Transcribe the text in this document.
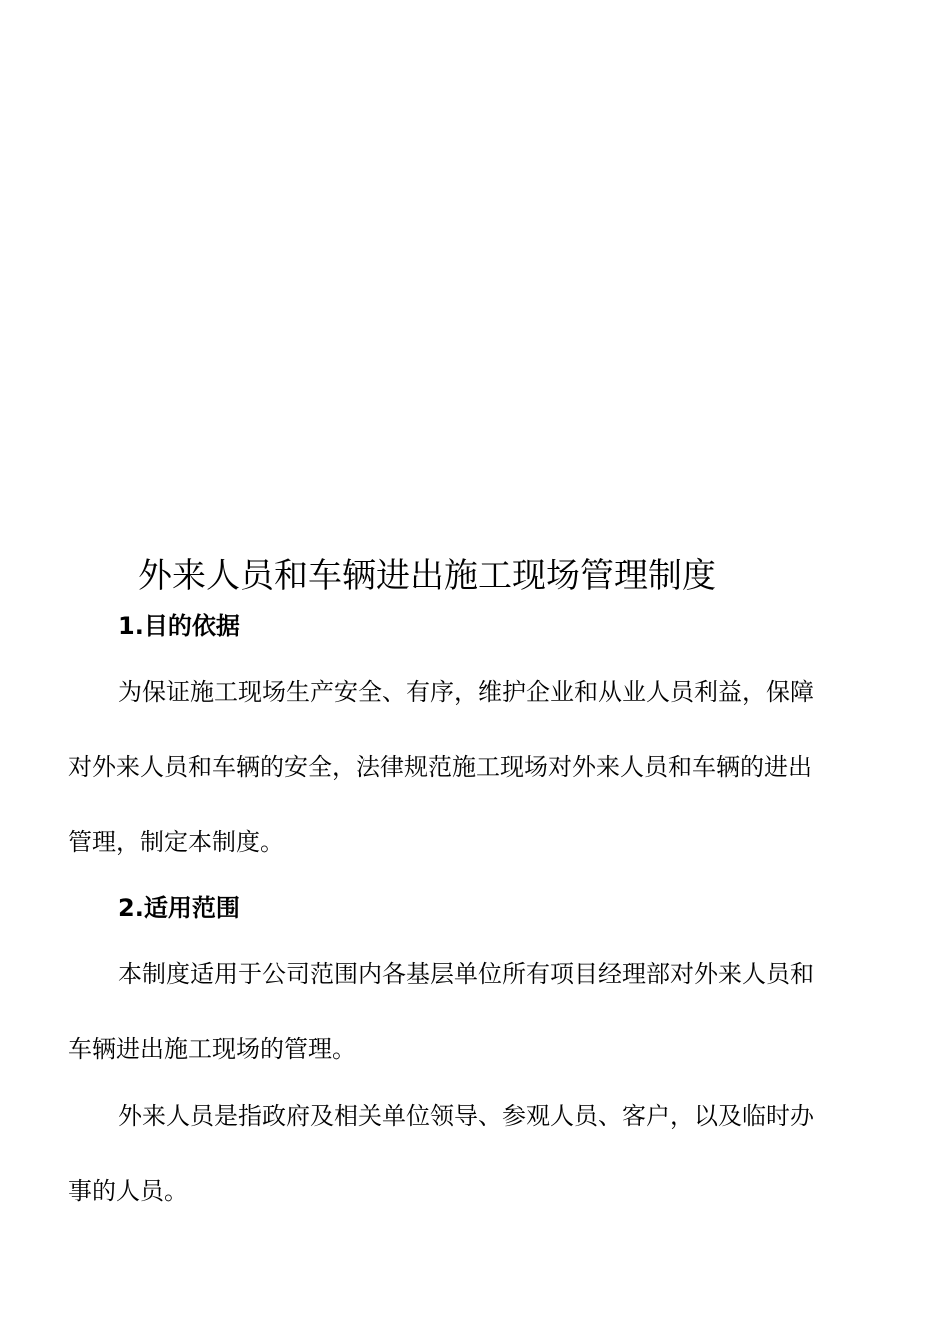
外来人员和车辆进出施工现场管理制度
1.目的依据
为保证施工现场生产安全、有序，维护企业和从业人员利益，保障
对外来人员和车辆的安全，法律规范施工现场对外来人员和车辆的进出
管理，制定本制度。
2.适用范围
本制度适用于公司范围内各基层单位所有项目经理部对外来人员和
车辆进出施工现场的管理。
外来人员是指政府及相关单位领导、参观人员、客户，以及临时办
事的人员。
